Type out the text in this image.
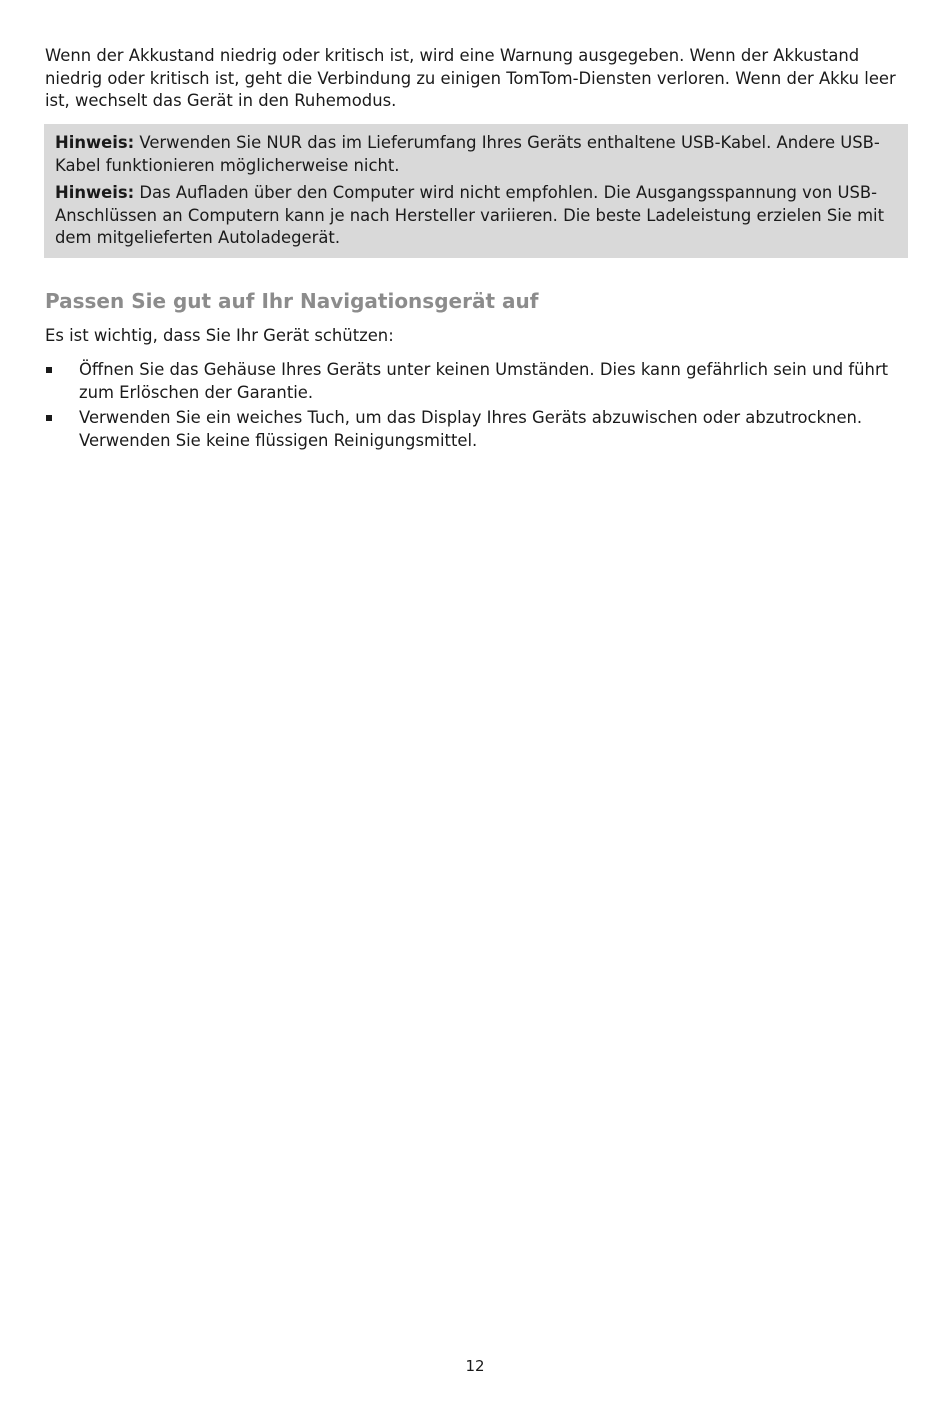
Wenn der Akkustand niedrig oder kritisch ist, wird eine Warnung ausgegeben. Wenn der Akkustand niedrig oder kritisch ist, geht die Verbindung zu einigen TomTom-Diensten verloren. Wenn der Akku leer ist, wechselt das Gerät in den Ruhemodus.

Hinweis: Verwenden Sie NUR das im Lieferumfang Ihres Geräts enthaltene USB-Kabel. Andere USB-Kabel funktionieren möglicherweise nicht.

Hinweis: Das Aufladen über den Computer wird nicht empfohlen. Die Ausgangsspannung von USB-Anschlüssen an Computern kann je nach Hersteller variieren. Die beste Ladeleistung erzielen Sie mit dem mitgelieferten Autoladegerät.

Passen Sie gut auf Ihr Navigationsgerät auf

Es ist wichtig, dass Sie Ihr Gerät schützen:

Öffnen Sie das Gehäuse Ihres Geräts unter keinen Umständen. Dies kann gefährlich sein und führt zum Erlöschen der Garantie.
Verwenden Sie ein weiches Tuch, um das Display Ihres Geräts abzuwischen oder abzutrocknen. Verwenden Sie keine flüssigen Reinigungsmittel.

12
